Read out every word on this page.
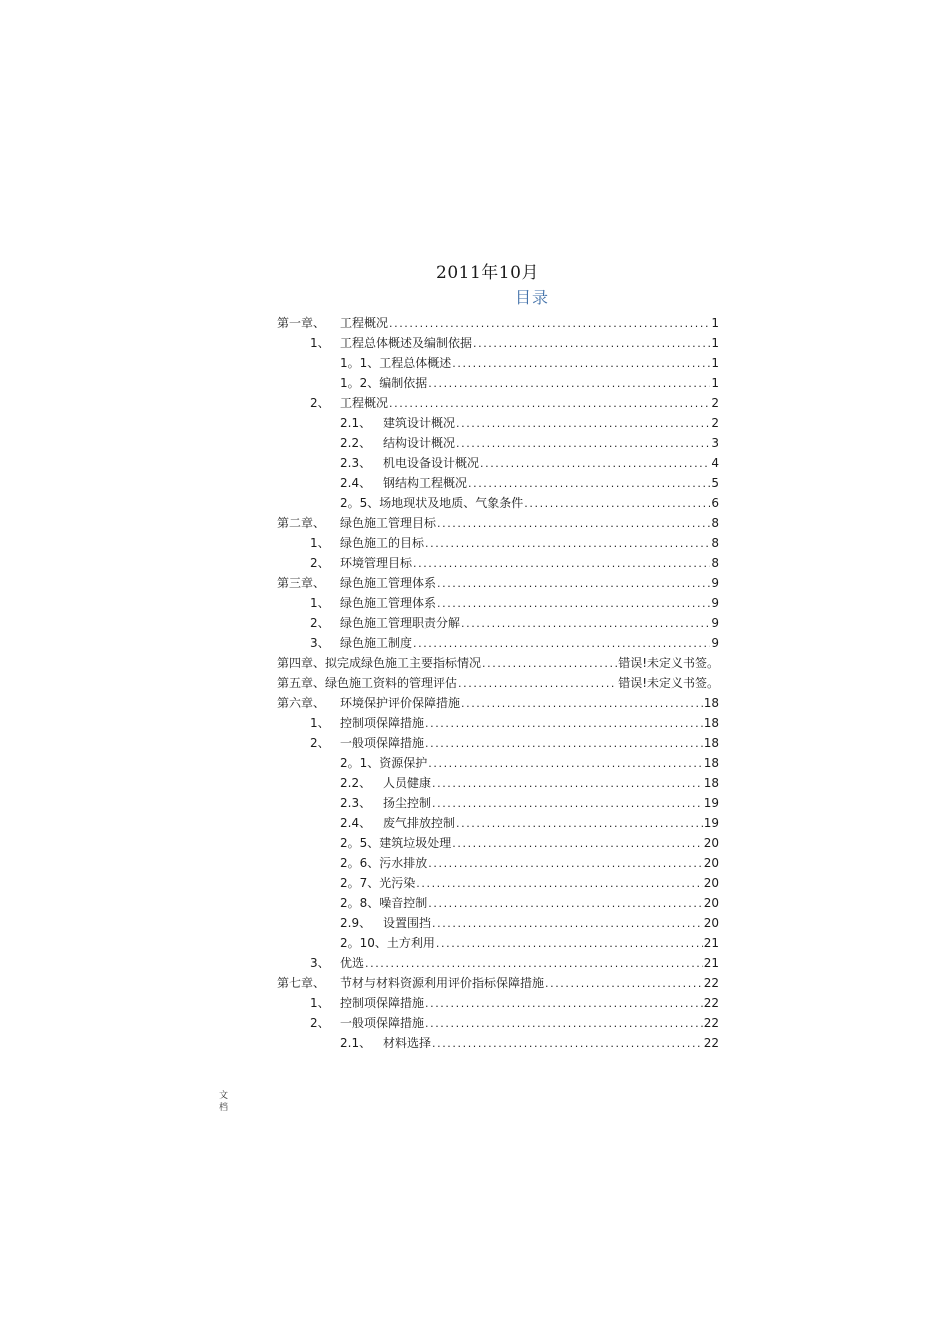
2011年10月
目录
第一章、	工程概况 .....	1
1、 工程总体概述及编制依据 .....	1
1。1、 工程总体概述 .....	1
1。2、 编制依据 .....	1
2、 工程概况 .....	2
2.1、 建筑设计概况 .....	2
2.2、 结构设计概况 .....	3
2.3、 机电设备设计概况 .....	4
2.4、 钢结构工程概况 .....	5
2。5、 场地现状及地质、气象条件 .....	6
第二章、	绿色施工管理目标 .....	8
1、 绿色施工的目标 .....	8
2、 环境管理目标 .....	8
第三章、	绿色施工管理体系 .....	9
1、 绿色施工管理体系 .....	9
2、 绿色施工管理职责分解 .....	9
3、 绿色施工制度 .....	9
第四章、 拟完成绿色施工主要指标情况 .....	错误!未定义书签。
第五章、 绿色施工资料的管理评估 .....	错误!未定义书签。
第六章、	环境保护评价保障措施 .....	18
1、 控制项保障措施 .....	18
2、 一般项保障措施 .....	18
2。1、 资源保护 .....	18
2.2、 人员健康 .....	18
2.3、 扬尘控制 .....	19
2.4、 废气排放控制 .....	19
2。5、 建筑垃圾处理 .....	20
2。6、 污水排放 .....	20
2。7、 光污染 .....	20
2。8、 噪音控制 .....	20
2.9、 设置围挡 .....	20
2。10、 土方利用 .....	21
3、 优选 .....	21
第七章、	节材与材料资源利用评价指标保障措施 .....	22
1、 控制项保障措施 .....	22
2、 一般项保障措施 .....	22
2.1、 材料选择 .....	22
文档
